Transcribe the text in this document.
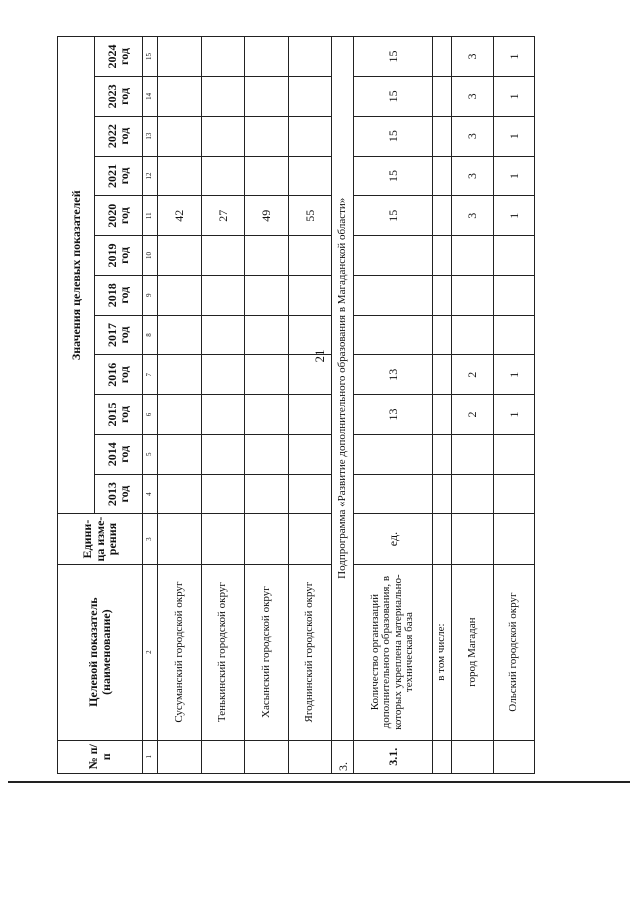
21
№ п/п	Целевой показатель (наименование)	Едини-ца изме-рения	Значения целевых показателей											
			2013 год	2014 год	2015 год	2016 год	2017 год	2018 год	2019 год	2020 год	2021 год	2022 год	2023 год	2024 год
1	2	3	4	5	6	7	8	9	10	11	12	13	14	15
	Сусуманский городской округ									42				
	Тенькинский городской округ									27				
	Хасынский городской округ									49				
	Ягоднинский городской округ									55				
3.	Подпрограмма «Развитие дополнительного образования в Магаданской области»													
3.1.	Количество организаций дополнительного образования, в которых укреплена материально-техническая база	ед.			13	13				15	15	15	15	15
	в том числе:													
	город Магадан				2	2				3	3	3	3	3
	Ольский городской округ				1	1				1	1	1	1	1
